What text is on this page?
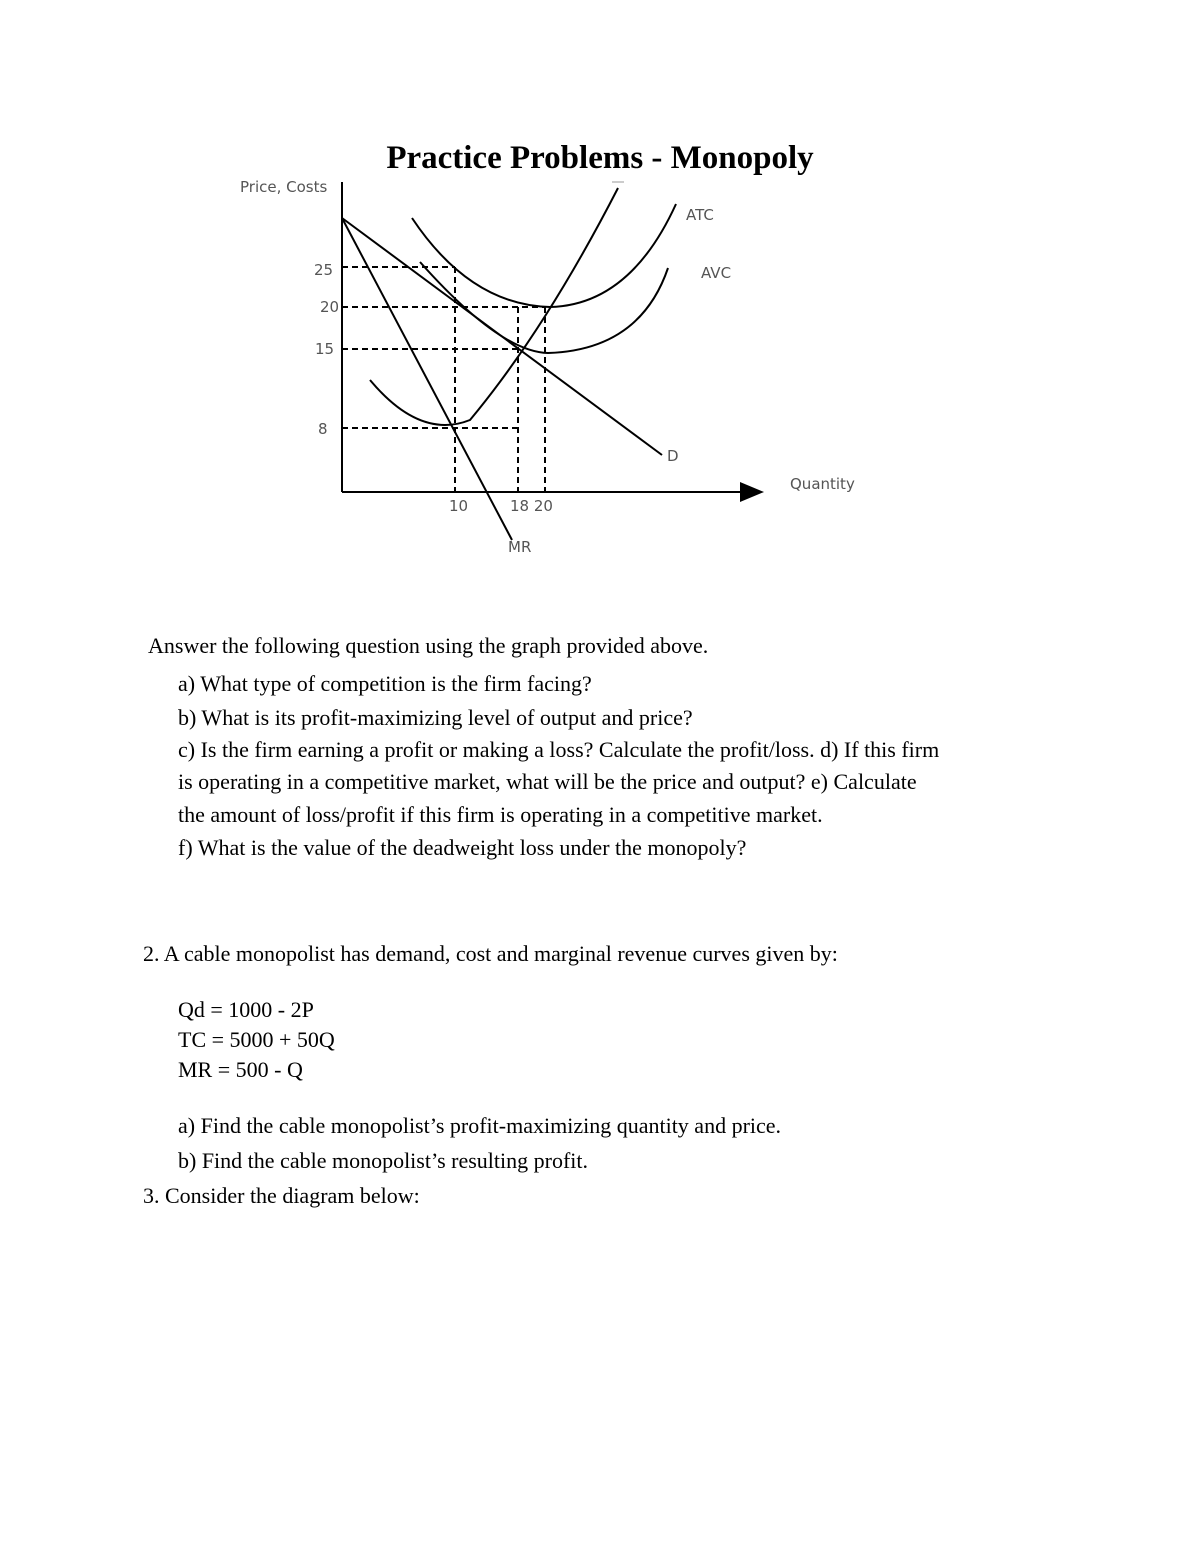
Practice Problems - Monopoly
Price, Costs
Quantity
25
20
15
8
10	18 20
ATC
AVC
D
MR
Answer the following question using the graph provided above.
a) What type of competition is the firm facing?
b) What is its profit-maximizing level of output and price?
c) Is the firm earning a profit or making a loss? Calculate the profit/loss. d) If this firm
is operating in a competitive market, what will be the price and output? e) Calculate
the amount of loss/profit if this firm is operating in a competitive market.
f) What is the value of the deadweight loss under the monopoly?
2. A cable monopolist has demand, cost and marginal revenue curves given by:
Qd = 1000 - 2P
TC = 5000 + 50Q
MR = 500 - Q
a) Find the cable monopolist’s profit-maximizing quantity and price.
b) Find the cable monopolist’s resulting profit.
3. Consider the diagram below:
